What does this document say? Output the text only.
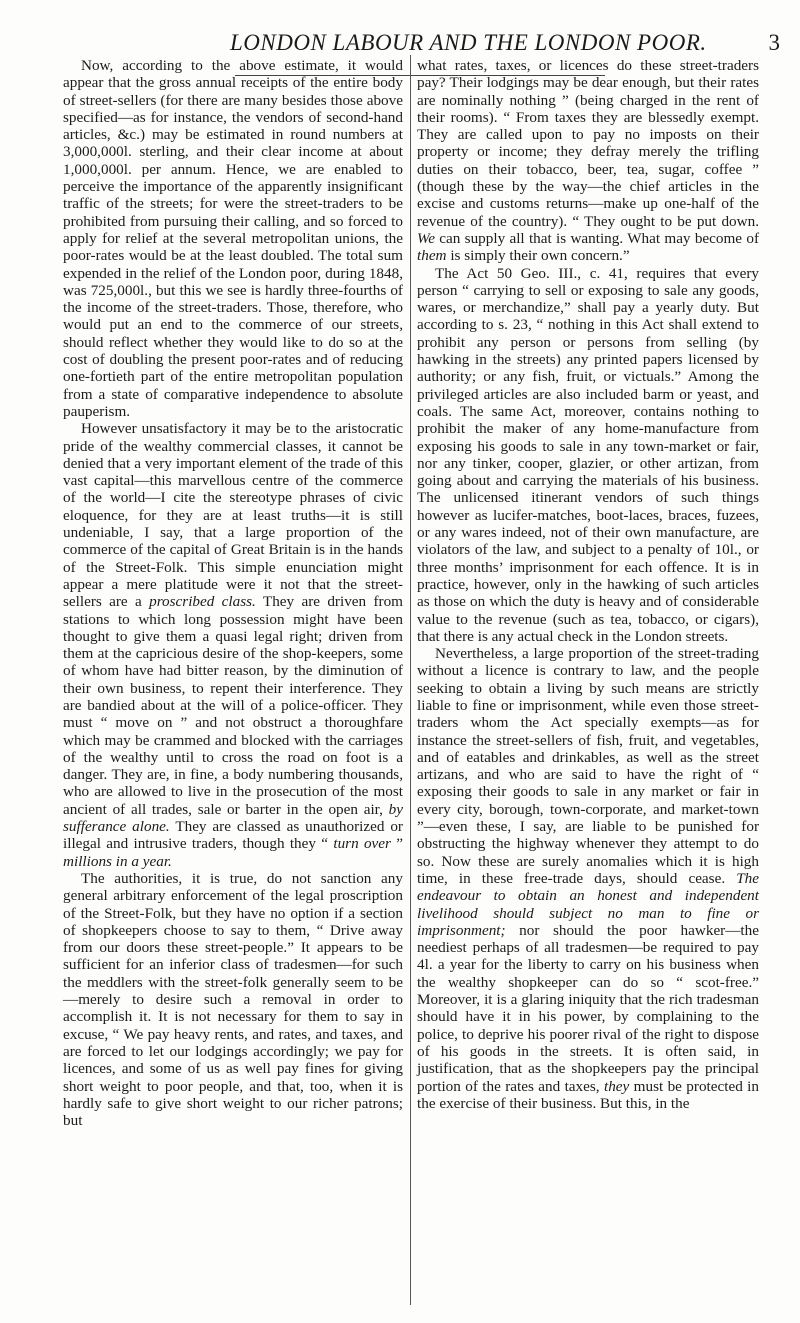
LONDON LABOUR AND THE LONDON POOR.	3

Now, according to the above estimate, it would appear that the gross annual receipts of the entire body of street-sellers (for there are many besides those above specified—as for instance, the vendors of second-hand articles, &c.) may be estimated in round numbers at 3,000,000l. sterling, and their clear income at about 1,000,000l. per annum. Hence, we are enabled to perceive the importance of the apparently insignificant traffic of the streets; for were the street-traders to be prohibited from pursuing their calling, and so forced to apply for relief at the several metropolitan unions, the poor-rates would be at the least doubled. The total sum expended in the relief of the London poor, during 1848, was 725,000l., but this we see is hardly three-fourths of the income of the street-traders. Those, therefore, who would put an end to the commerce of our streets, should reflect whether they would like to do so at the cost of doubling the present poor-rates and of reducing one-fortieth part of the entire metropolitan population from a state of comparative independence to absolute pauperism.

However unsatisfactory it may be to the aristocratic pride of the wealthy commercial classes, it cannot be denied that a very important element of the trade of this vast capital—this marvellous centre of the commerce of the world—I cite the stereotype phrases of civic eloquence, for they are at least truths—it is still undeniable, I say, that a large proportion of the commerce of the capital of Great Britain is in the hands of the Street-Folk. This simple enunciation might appear a mere platitude were it not that the street-sellers are a proscribed class. They are driven from stations to which long possession might have been thought to give them a quasi legal right; driven from them at the capricious desire of the shop-keepers, some of whom have had bitter reason, by the diminution of their own business, to repent their interference. They are bandied about at the will of a police-officer. They must “ move on ” and not obstruct a thoroughfare which may be crammed and blocked with the carriages of the wealthy until to cross the road on foot is a danger. They are, in fine, a body numbering thousands, who are allowed to live in the prosecution of the most ancient of all trades, sale or barter in the open air, by sufferance alone. They are classed as unauthorized or illegal and intrusive traders, though they “ turn over ” millions in a year.

The authorities, it is true, do not sanction any general arbitrary enforcement of the legal proscription of the Street-Folk, but they have no option if a section of shopkeepers choose to say to them, “ Drive away from our doors these street-people.” It appears to be sufficient for an inferior class of tradesmen—for such the meddlers with the street-folk generally seem to be—merely to desire such a removal in order to accomplish it. It is not necessary for them to say in excuse, “ We pay heavy rents, and rates, and taxes, and are forced to let our lodgings accordingly; we pay for licences, and some of us as well pay fines for giving short weight to poor people, and that, too, when it is hardly safe to give short weight to our richer patrons; but

what rates, taxes, or licences do these street-traders pay? Their lodgings may be dear enough, but their rates are nominally nothing ” (being charged in the rent of their rooms). “ From taxes they are blessedly exempt. They are called upon to pay no imposts on their property or income; they defray merely the trifling duties on their tobacco, beer, tea, sugar, coffee ” (though these by the way—the chief articles in the excise and customs returns—make up one-half of the revenue of the country). “ They ought to be put down. We can supply all that is wanting. What may become of them is simply their own concern.”

The Act 50 Geo. III., c. 41, requires that every person “ carrying to sell or exposing to sale any goods, wares, or merchandize,” shall pay a yearly duty. But according to s. 23, “ nothing in this Act shall extend to prohibit any person or persons from selling (by hawking in the streets) any printed papers licensed by authority; or any fish, fruit, or victuals.” Among the privileged articles are also included barm or yeast, and coals. The same Act, moreover, contains nothing to prohibit the maker of any home-manufacture from exposing his goods to sale in any town-market or fair, nor any tinker, cooper, glazier, or other artizan, from going about and carrying the materials of his business. The unlicensed itinerant vendors of such things however as lucifer-matches, boot-laces, braces, fuzees, or any wares indeed, not of their own manufacture, are violators of the law, and subject to a penalty of 10l., or three months’ imprisonment for each offence. It is in practice, however, only in the hawking of such articles as those on which the duty is heavy and of considerable value to the revenue (such as tea, tobacco, or cigars), that there is any actual check in the London streets.

Nevertheless, a large proportion of the street-trading without a licence is contrary to law, and the people seeking to obtain a living by such means are strictly liable to fine or imprisonment, while even those street-traders whom the Act specially exempts—as for instance the street-sellers of fish, fruit, and vegetables, and of eatables and drinkables, as well as the street artizans, and who are said to have the right of “ exposing their goods to sale in any market or fair in every city, borough, town-corporate, and market-town ”—even these, I say, are liable to be punished for obstructing the highway whenever they attempt to do so. Now these are surely anomalies which it is high time, in these free-trade days, should cease. The endeavour to obtain an honest and independent livelihood should subject no man to fine or imprisonment; nor should the poor hawker—the neediest perhaps of all tradesmen—be required to pay 4l. a year for the liberty to carry on his business when the wealthy shopkeeper can do so “ scot-free.” Moreover, it is a glaring iniquity that the rich tradesman should have it in his power, by complaining to the police, to deprive his poorer rival of the right to dispose of his goods in the streets. It is often said, in justification, that as the shopkeepers pay the principal portion of the rates and taxes, they must be protected in the exercise of their business. But this, in the
